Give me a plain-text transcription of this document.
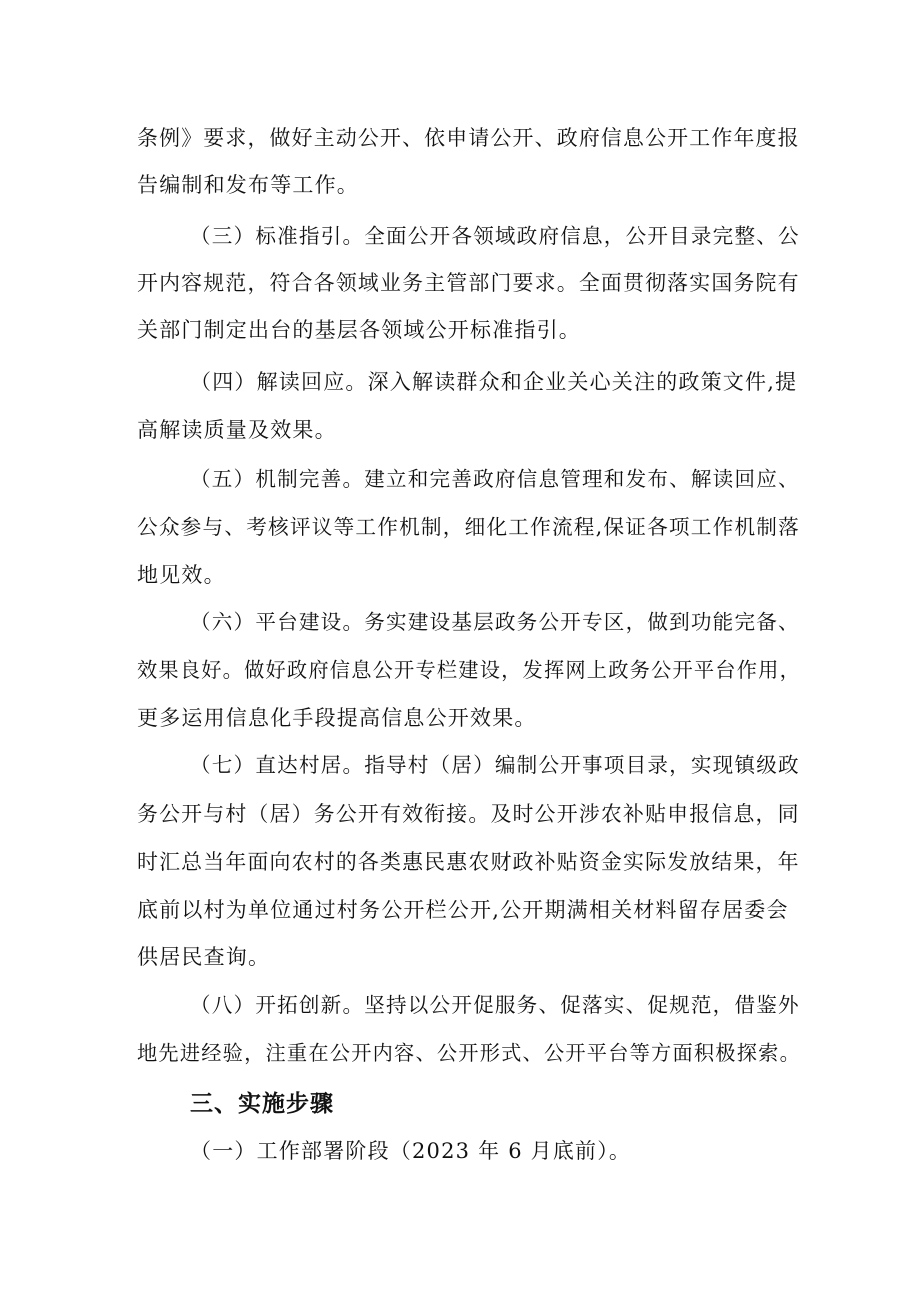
条例》要求，做好主动公开、依申请公开、政府信息公开工作年度报
告编制和发布等工作。
（三）标准指引。全面公开各领域政府信息，公开目录完整、公
开内容规范，符合各领域业务主管部门要求。全面贯彻落实国务院有
关部门制定出台的基层各领域公开标准指引。
（四）解读回应。深入解读群众和企业关心关注的政策文件,提
高解读质量及效果。
（五）机制完善。建立和完善政府信息管理和发布、解读回应、
公众参与、考核评议等工作机制，细化工作流程,保证各项工作机制落
地见效。
（六）平台建设。务实建设基层政务公开专区，做到功能完备、
效果良好。做好政府信息公开专栏建设，发挥网上政务公开平台作用，
更多运用信息化手段提高信息公开效果。
（七）直达村居。指导村（居）编制公开事项目录，实现镇级政
务公开与村（居）务公开有效衔接。及时公开涉农补贴申报信息，同
时汇总当年面向农村的各类惠民惠农财政补贴资金实际发放结果，年
底前以村为单位通过村务公开栏公开,公开期满相关材料留存居委会
供居民查询。
（八）开拓创新。坚持以公开促服务、促落实、促规范，借鉴外
地先进经验，注重在公开内容、公开形式、公开平台等方面积极探索。
三、实施步骤
（一）工作部署阶段（2023 年 6 月底前）。
